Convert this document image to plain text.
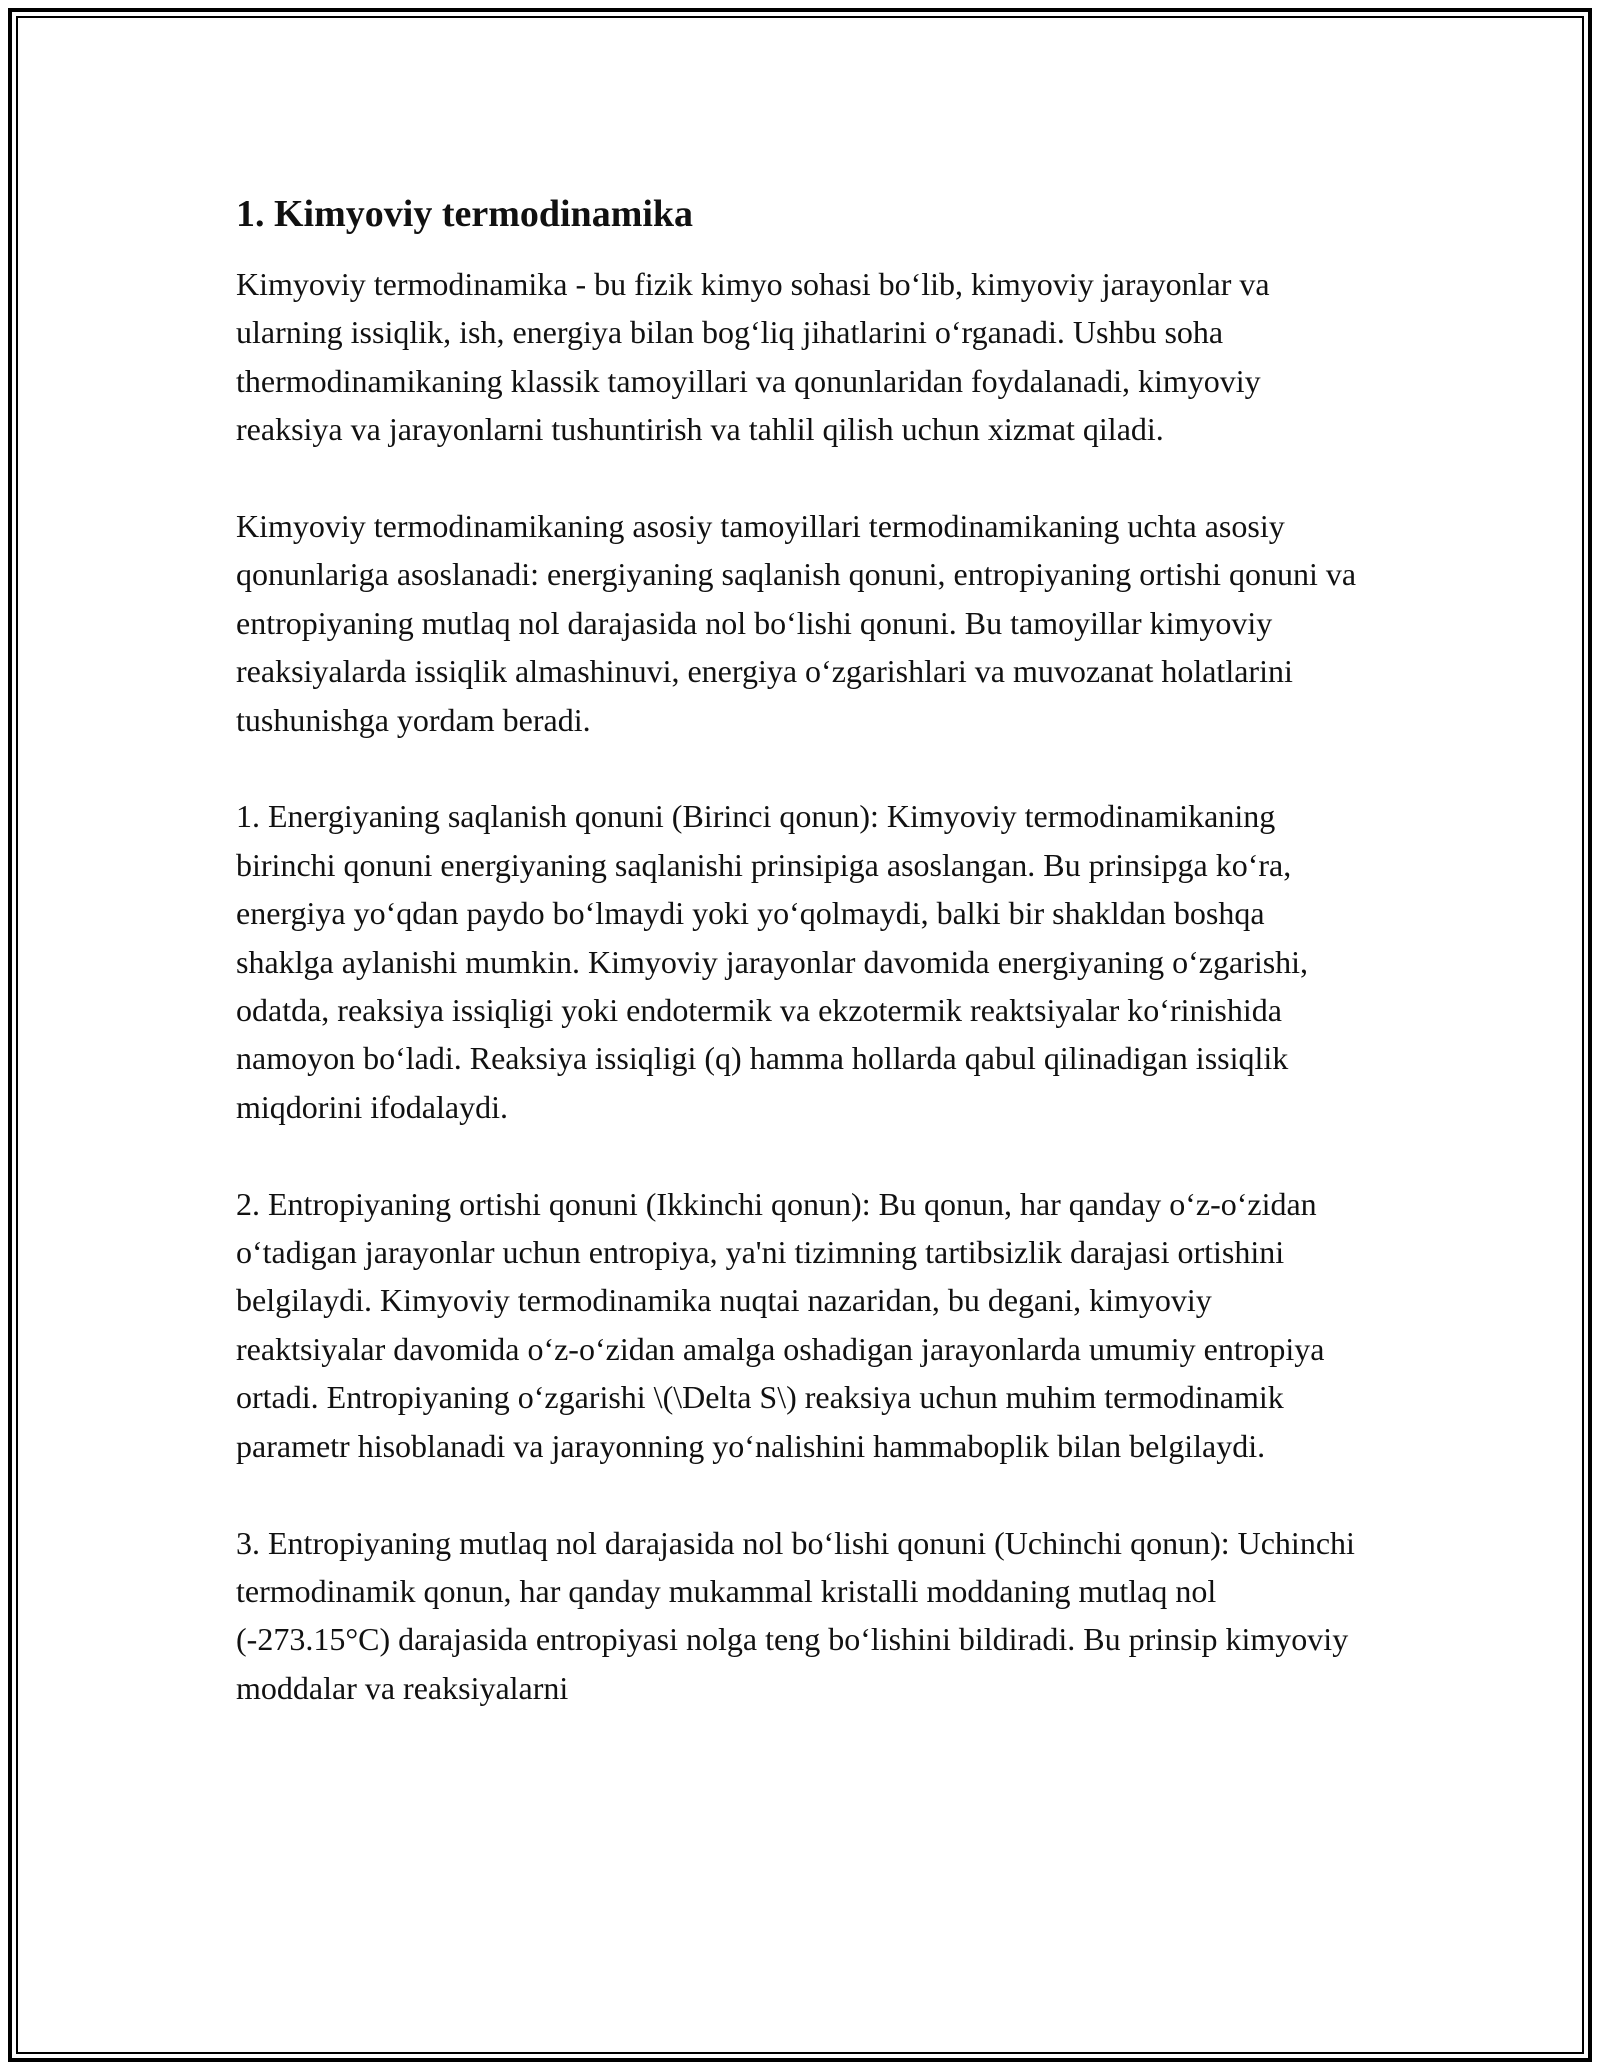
1. Kimyoviy termodinamika

Kimyoviy termodinamika - bu fizik kimyo sohasi bo‘lib, kimyoviy jarayonlar va ularning issiqlik, ish, energiya bilan bog‘liq jihatlarini o‘rganadi. Ushbu soha thermodinamikaning klassik tamoyillari va qonunlaridan foydalanadi, kimyoviy reaksiya va jarayonlarni tushuntirish va tahlil qilish uchun xizmat qiladi.

Kimyoviy termodinamikaning asosiy tamoyillari termodinamikaning uchta asosiy qonunlariga asoslanadi: energiyaning saqlanish qonuni, entropiyaning ortishi qonuni va entropiyaning mutlaq nol darajasida nol bo‘lishi qonuni. Bu tamoyillar kimyoviy reaksiyalarda issiqlik almashinuvi, energiya o‘zgarishlari va muvozanat holatlarini tushunishga yordam beradi.

1. Energiyaning saqlanish qonuni (Birinci qonun): Kimyoviy termodinamikaning birinchi qonuni energiyaning saqlanishi prinsipiga asoslangan. Bu prinsipga ko‘ra, energiya yo‘qdan paydo bo‘lmaydi yoki yo‘qolmaydi, balki bir shakldan boshqa shaklga aylanishi mumkin. Kimyoviy jarayonlar davomida energiyaning o‘zgarishi, odatda, reaksiya issiqligi yoki endotermik va ekzotermik reaktsiyalar ko‘rinishida namoyon bo‘ladi. Reaksiya issiqligi (q) hamma hollarda qabul qilinadigan issiqlik miqdorini ifodalaydi.

2. Entropiyaning ortishi qonuni (Ikkinchi qonun): Bu qonun, har qanday o‘z-o‘zidan o‘tadigan jarayonlar uchun entropiya, ya'ni tizimning tartibsizlik darajasi ortishini belgilaydi. Kimyoviy termodinamika nuqtai nazaridan, bu degani, kimyoviy reaktsiyalar davomida o‘z-o‘zidan amalga oshadigan jarayonlarda umumiy entropiya ortadi. Entropiyaning o‘zgarishi \(\Delta S\) reaksiya uchun muhim termodinamik parametr hisoblanadi va jarayonning yo‘nalishini hammaboplik bilan belgilaydi.

3. Entropiyaning mutlaq nol darajasida nol bo‘lishi qonuni (Uchinchi qonun): Uchinchi termodinamik qonun, har qanday mukammal kristalli moddaning mutlaq nol (-273.15°C) darajasida entropiyasi nolga teng bo‘lishini bildiradi. Bu prinsip kimyoviy moddalar va reaksiyalarni
